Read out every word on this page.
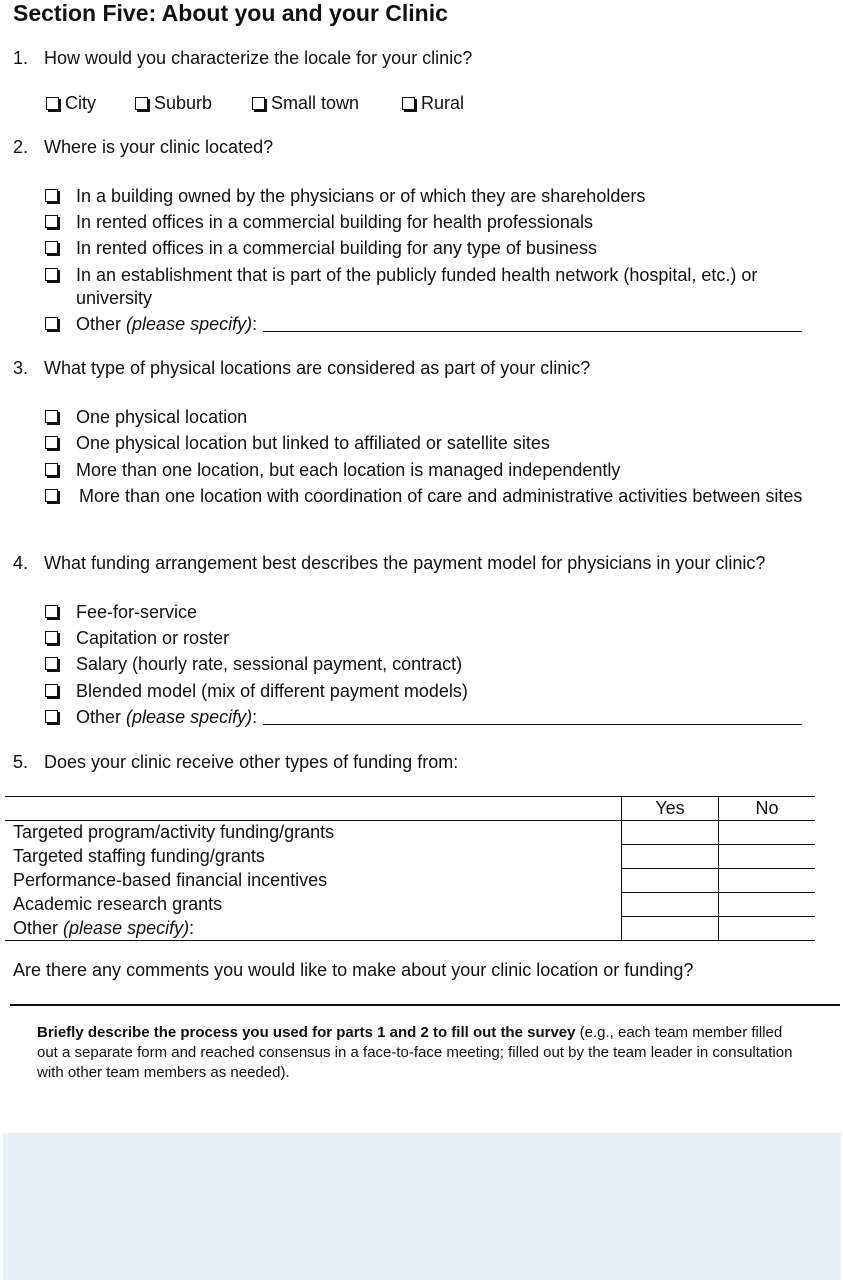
Section Five: About you and your Clinic
1. How would you characterize the locale for your clinic?
City	Suburb	Small town	Rural
2. Where is your clinic located?
In a building owned by the physicians or of which they are shareholders
In rented offices in a commercial building for health professionals
In rented offices in a commercial building for any type of business
In an establishment that is part of the publicly funded health network (hospital, etc.) or university
Other (please specify):
3. What type of physical locations are considered as part of your clinic?
One physical location
One physical location but linked to affiliated or satellite sites
More than one location, but each location is managed independently
More than one location with coordination of care and administrative activities between sites
4. What funding arrangement best describes the payment model for physicians in your clinic?
Fee-for-service
Capitation or roster
Salary (hourly rate, sessional payment, contract)
Blended model (mix of different payment models)
Other (please specify):
5. Does your clinic receive other types of funding from:
	Yes	No
Targeted program/activity funding/grants		
Targeted staffing funding/grants		
Performance-based financial incentives		
Academic research grants		
Other (please specify):		
Are there any comments you would like to make about your clinic location or funding?
Briefly describe the process you used for parts 1 and 2 to fill out the survey (e.g., each team member filled out a separate form and reached consensus in a face-to-face meeting; filled out by the team leader in consultation with other team members as needed).
